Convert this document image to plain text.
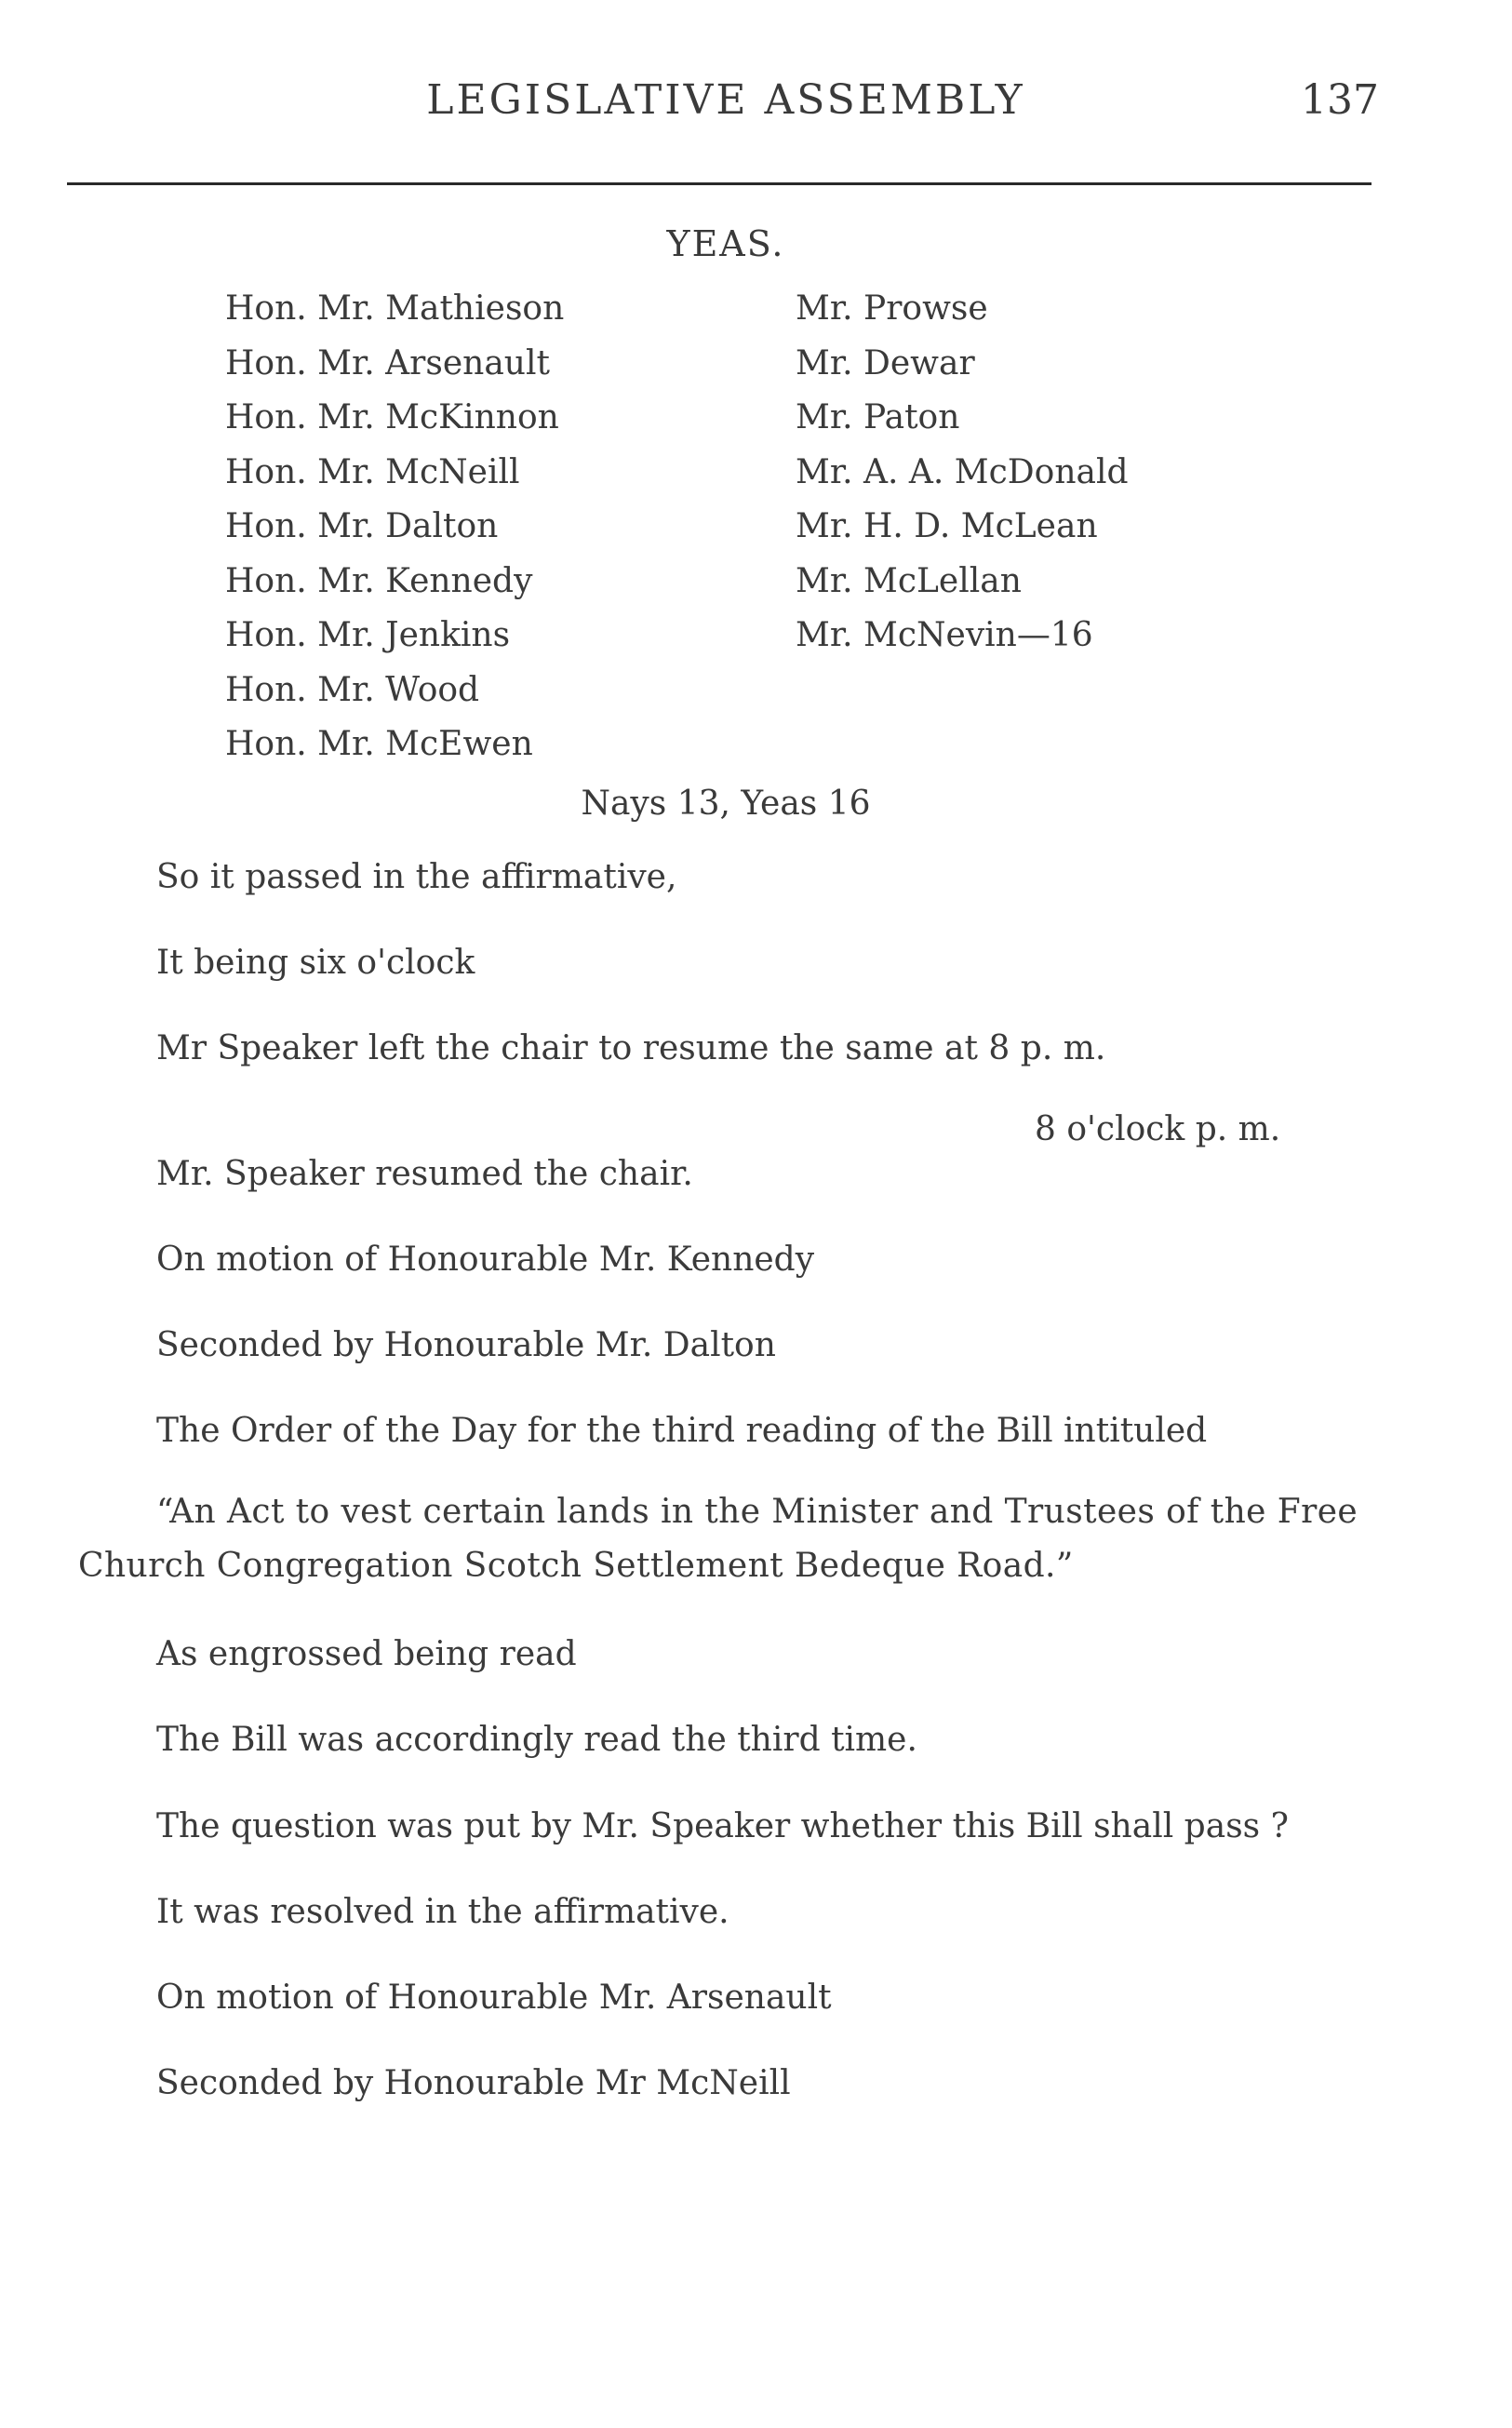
LEGISLATIVE ASSEMBLY	137
YEAS.
Hon. Mr. Mathieson
Hon. Mr. Arsenault
Hon. Mr. McKinnon
Hon. Mr. McNeill
Hon. Mr. Dalton
Hon. Mr. Kennedy
Hon. Mr. Jenkins
Hon. Mr. Wood
Hon. Mr. McEwen
Mr. Prowse
Mr. Dewar
Mr. Paton
Mr. A. A. McDonald
Mr. H. D. McLean
Mr. McLellan
Mr. McNevin—16
Nays 13, Yeas 16
So it passed in the affirmative,
It being six o'clock
Mr Speaker left the chair to resume the same at 8 p. m.
8 o'clock p. m.
Mr. Speaker resumed the chair.
On motion of Honourable Mr. Kennedy
Seconded by Honourable Mr. Dalton
The Order of the Day for the third reading of the Bill intituled
“An Act to vest certain lands in the Minister and Trustees of the Free
Church Congregation Scotch Settlement Bedeque Road.”
As engrossed being read
The Bill was accordingly read the third time.
The question was put by Mr. Speaker whether this Bill shall pass ?
It was resolved in the affirmative.
On motion of Honourable Mr. Arsenault
Seconded by Honourable Mr McNeill
